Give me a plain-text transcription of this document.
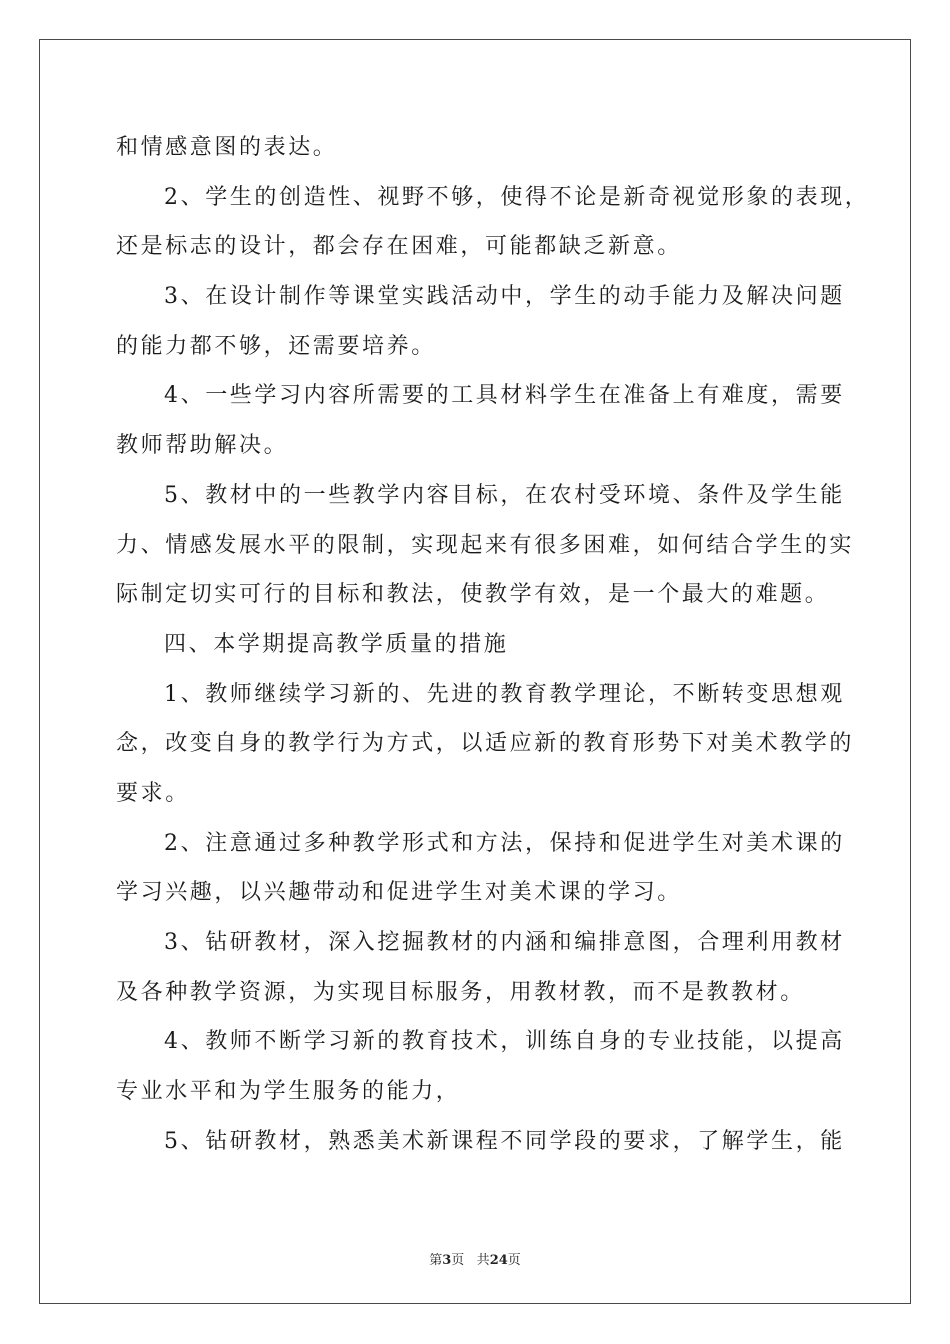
和情感意图的表达。
2、学生的创造性、视野不够，使得不论是新奇视觉形象的表现，
还是标志的设计，都会存在困难，可能都缺乏新意。
3、在设计制作等课堂实践活动中，学生的动手能力及解决问题
的能力都不够，还需要培养。
4、一些学习内容所需要的工具材料学生在准备上有难度，需要
教师帮助解决。
5、教材中的一些教学内容目标，在农村受环境、条件及学生能
力、情感发展水平的限制，实现起来有很多困难，如何结合学生的实
际制定切实可行的目标和教法，使教学有效，是一个最大的难题。
四、本学期提高教学质量的措施
1、教师继续学习新的、先进的教育教学理论，不断转变思想观
念，改变自身的教学行为方式，以适应新的教育形势下对美术教学的
要求。
2、注意通过多种教学形式和方法，保持和促进学生对美术课的
学习兴趣，以兴趣带动和促进学生对美术课的学习。
3、钻研教材，深入挖掘教材的内涵和编排意图，合理利用教材
及各种教学资源，为实现目标服务，用教材教，而不是教教材。
4、教师不断学习新的教育技术，训练自身的专业技能，以提高
专业水平和为学生服务的能力，
5、钻研教材，熟悉美术新课程不同学段的要求，了解学生，能
第3页 共24页
